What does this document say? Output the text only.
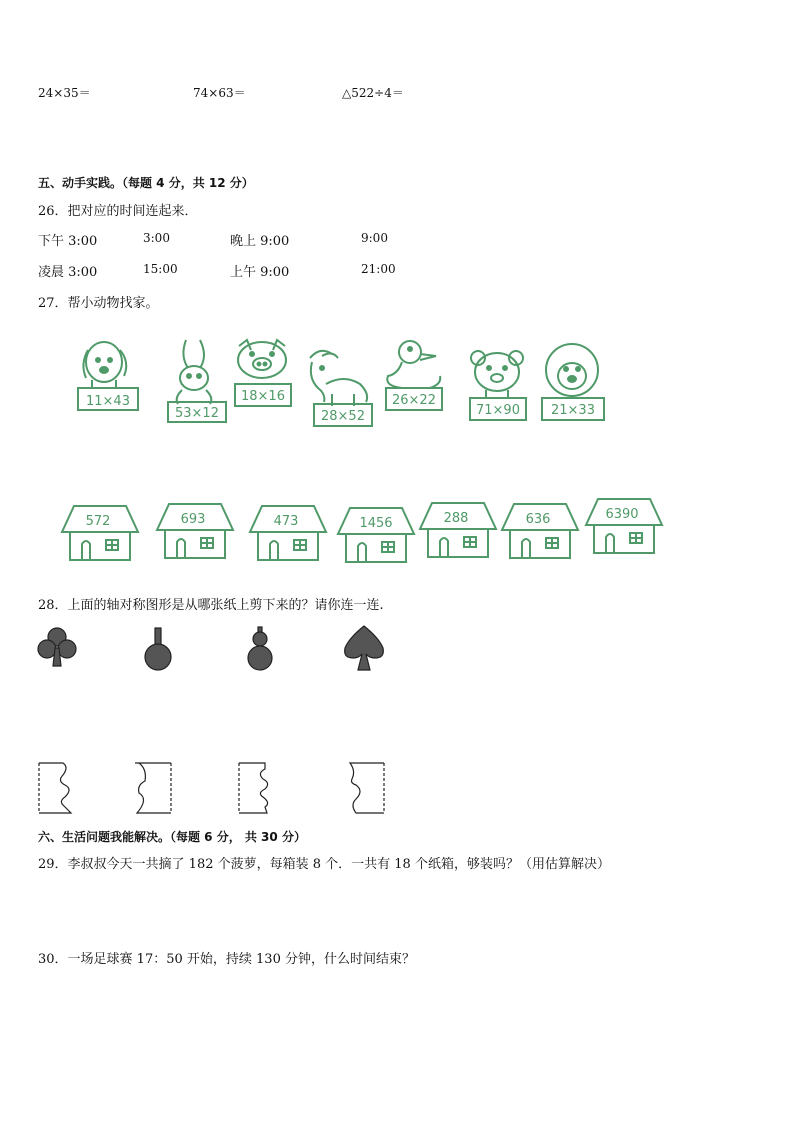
24×35＝	74×63＝	△522÷4＝
五、动手实践。（每题 4 分，共 12 分）
26．把对应的时间连起来．
下午 3:00	3:00	晚上 9:00	9:00
凌晨 3:00	15:00	上午 9:00	21:00
27．帮小动物找家。
11×43
53×12
18×16
28×52
26×22
71×90 21×33
572	693	473	1456	288	636	6390
28．上面的轴对称图形是从哪张纸上剪下来的？请你连一连.
六、生活问题我能解决。（每题 6 分， 共 30 分）
29．李叔叔今天一共摘了 182 个菠萝，每箱装 8 个．一共有 18 个纸箱，够装吗？（用估算解决）
30．一场足球赛 17：50 开始，持续 130 分钟，什么时间结束？
